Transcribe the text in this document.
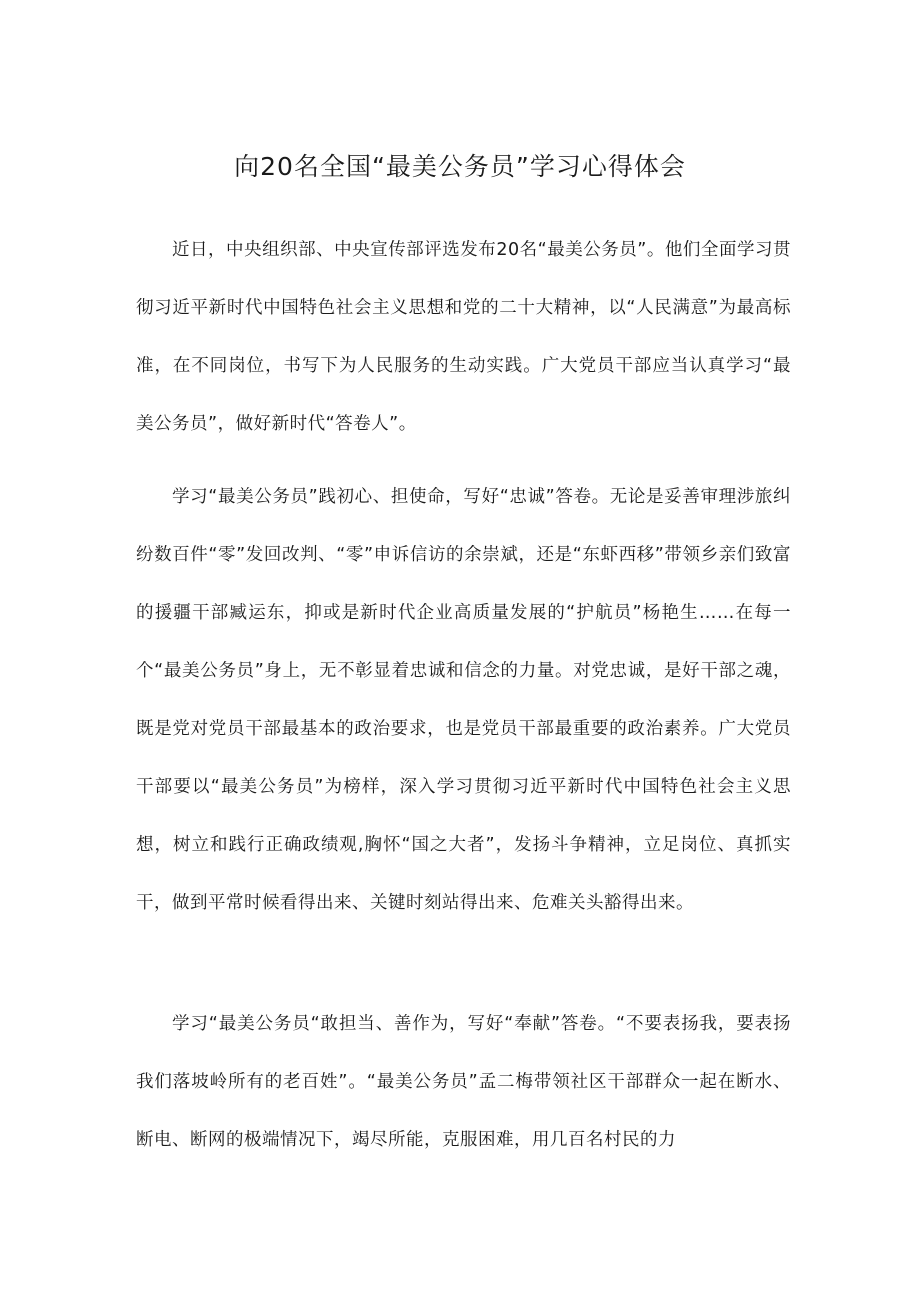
向20名全国“最美公务员”学习心得体会

近日，中央组织部、中央宣传部评选发布20名“最美公务员”。他们全面学习贯彻习近平新时代中国特色社会主义思想和党的二十大精神，以“人民满意”为最高标准，在不同岗位，书写下为人民服务的生动实践。广大党员干部应当认真学习“最美公务员”，做好新时代“答卷人”。

学习“最美公务员”践初心、担使命，写好“忠诚”答卷。无论是妥善审理涉旅纠纷数百件“零”发回改判、“零”申诉信访的余崇斌，还是“东虾西移”带领乡亲们致富的援疆干部臧运东，抑或是新时代企业高质量发展的“护航员”杨艳生……在每一个“最美公务员”身上，无不彰显着忠诚和信念的力量。对党忠诚，是好干部之魂，既是党对党员干部最基本的政治要求，也是党员干部最重要的政治素养。广大党员干部要以“最美公务员”为榜样，深入学习贯彻习近平新时代中国特色社会主义思想，树立和践行正确政绩观,胸怀“国之大者”，发扬斗争精神，立足岗位、真抓实干，做到平常时候看得出来、关键时刻站得出来、危难关头豁得出来。

学习“最美公务员“敢担当、善作为，写好“奉献”答卷。“不要表扬我，要表扬我们落坡岭所有的老百姓”。“最美公务员”孟二梅带领社区干部群众一起在断水、断电、断网的极端情况下，竭尽所能，克服困难，用几百名村民的力
